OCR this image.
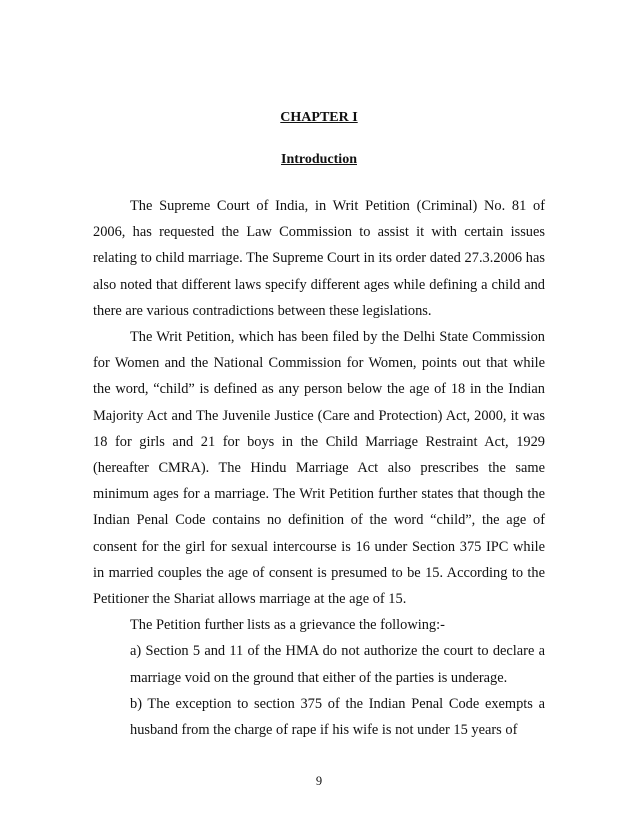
CHAPTER I
Introduction

The Supreme Court of India, in Writ Petition (Criminal) No. 81 of 2006, has requested the Law Commission to assist it with certain issues relating to child marriage. The Supreme Court in its order dated 27.3.2006 has also noted that different laws specify different ages while defining a child and there are various contradictions between these legislations.

The Writ Petition, which has been filed by the Delhi State Commission for Women and the National Commission for Women, points out that while the word, “child” is defined as any person below the age of 18 in the Indian Majority Act and The Juvenile Justice (Care and Protection) Act, 2000, it was 18 for girls and 21 for boys in the Child Marriage Restraint Act, 1929 (hereafter CMRA). The Hindu Marriage Act also prescribes the same minimum ages for a marriage. The Writ Petition further states that though the Indian Penal Code contains no definition of the word “child”, the age of consent for the girl for sexual intercourse is 16 under Section 375 IPC while in married couples the age of consent is presumed to be 15. According to the Petitioner the Shariat allows marriage at the age of 15.

The Petition further lists as a grievance the following:-

a) Section 5 and 11 of the HMA do not authorize the court to declare a marriage void on the ground that either of the parties is underage.

b) The exception to section 375 of the Indian Penal Code exempts a husband from the charge of rape if his wife is not under 15 years of

9
